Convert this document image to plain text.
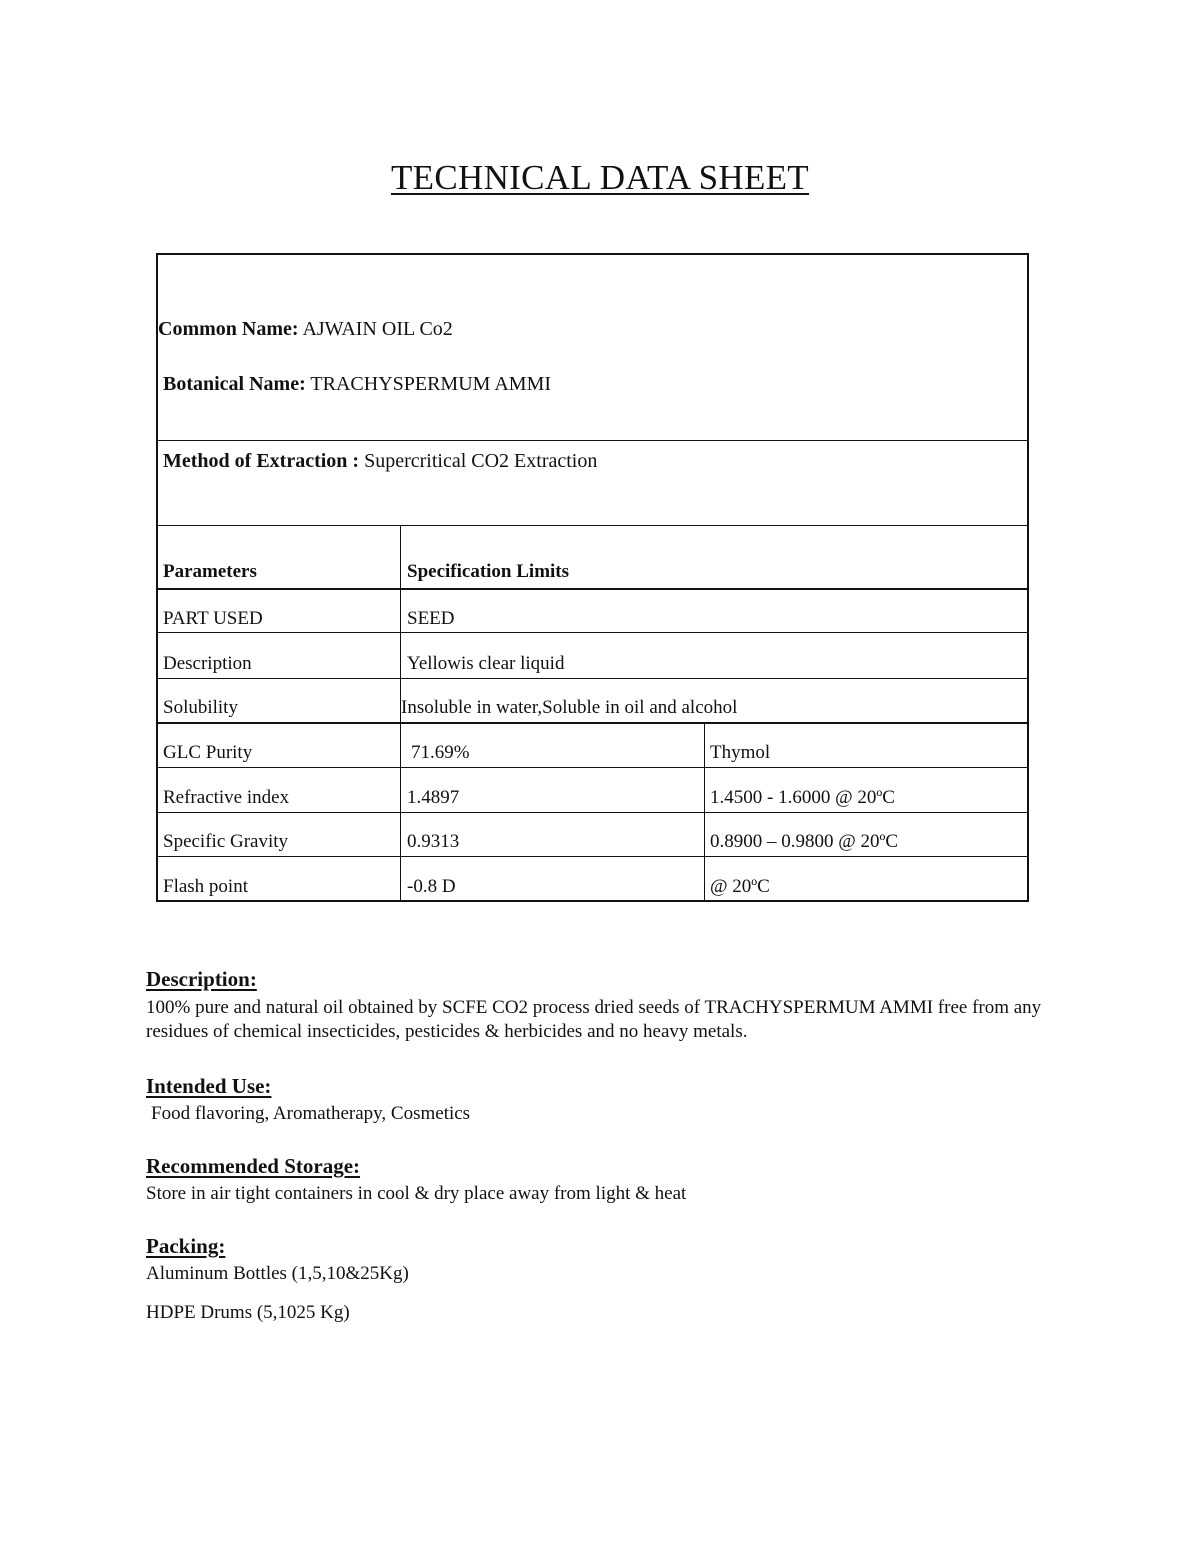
TECHNICAL DATA SHEET
Common Name: AJWAIN OIL Co2
Botanical Name: TRACHYSPERMUM AMMI
Method of Extraction : Supercritical CO2 Extraction
Parameters	Specification Limits
PART USED	SEED
Description	Yellowis clear liquid
Solubility	Insoluble in water,Soluble in oil and alcohol
GLC Purity	71.69%	Thymol
Refractive index	1.4897	1.4500 - 1.6000 @ 20ºC
Specific Gravity	0.9313	0.8900 – 0.9800 @ 20ºC
Flash point	-0.8 D	@ 20ºC
Description:
100% pure and natural oil obtained by SCFE CO2 process dried seeds of TRACHYSPERMUM AMMI free from any residues of chemical insecticides, pesticides & herbicides and no heavy metals.
Intended Use:
Food flavoring, Aromatherapy, Cosmetics
Recommended Storage:
Store in air tight containers in cool & dry place away from light & heat
Packing:
Aluminum Bottles (1,5,10&25Kg)
HDPE Drums (5,1025 Kg)
